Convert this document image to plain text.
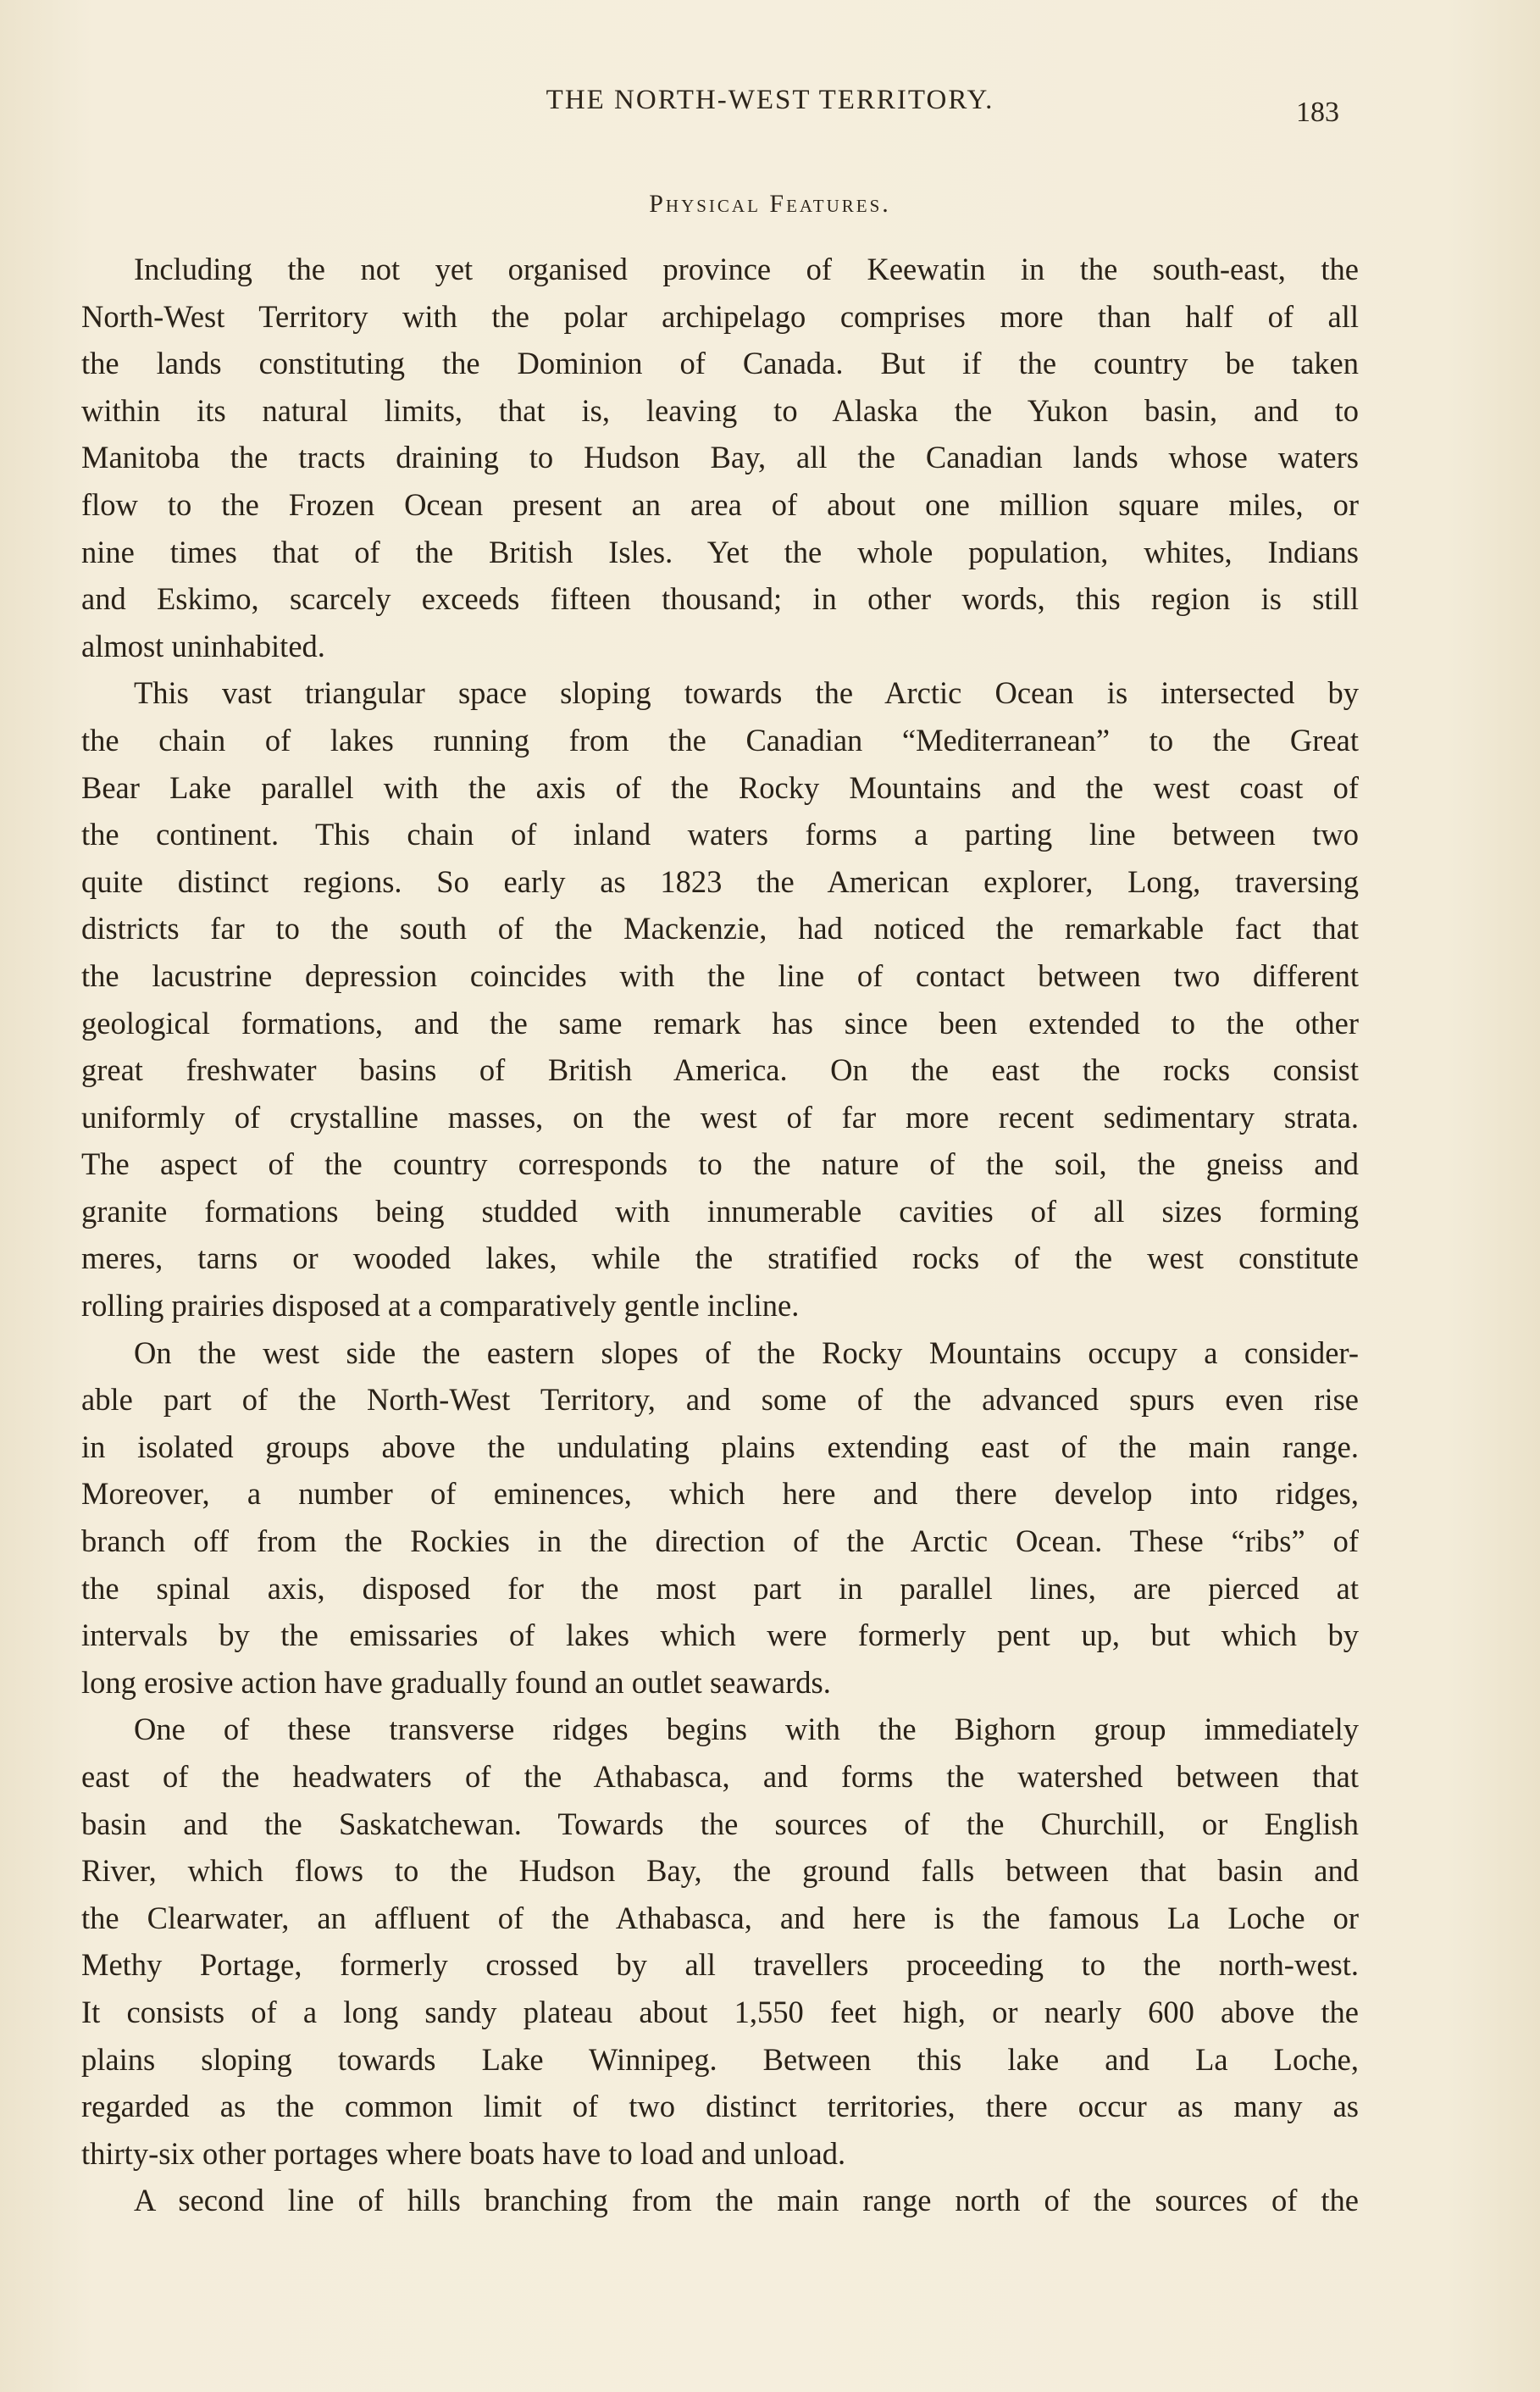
THE NORTH-WEST TERRITORY.	183
Physical Features.
Including the not yet organised province of Keewatin in the south-east, the
North-West Territory with the polar archipelago comprises more than half of all
the lands constituting the Dominion of Canada. But if the country be taken
within its natural limits, that is, leaving to Alaska the Yukon basin, and to
Manitoba the tracts draining to Hudson Bay, all the Canadian lands whose waters
flow to the Frozen Ocean present an area of about one million square miles, or
nine times that of the British Isles. Yet the whole population, whites, Indians
and Eskimo, scarcely exceeds fifteen thousand; in other words, this region is still
almost uninhabited.
This vast triangular space sloping towards the Arctic Ocean is intersected by
the chain of lakes running from the Canadian “Mediterranean” to the Great
Bear Lake parallel with the axis of the Rocky Mountains and the west coast of
the continent. This chain of inland waters forms a parting line between two
quite distinct regions. So early as 1823 the American explorer, Long, traversing
districts far to the south of the Mackenzie, had noticed the remarkable fact that
the lacustrine depression coincides with the line of contact between two different
geological formations, and the same remark has since been extended to the other
great freshwater basins of British America. On the east the rocks consist
uniformly of crystalline masses, on the west of far more recent sedimentary strata.
The aspect of the country corresponds to the nature of the soil, the gneiss and
granite formations being studded with innumerable cavities of all sizes forming
meres, tarns or wooded lakes, while the stratified rocks of the west constitute
rolling prairies disposed at a comparatively gentle incline.
On the west side the eastern slopes of the Rocky Mountains occupy a consider-
able part of the North-West Territory, and some of the advanced spurs even rise
in isolated groups above the undulating plains extending east of the main range.
Moreover, a number of eminences, which here and there develop into ridges,
branch off from the Rockies in the direction of the Arctic Ocean. These “ribs” of
the spinal axis, disposed for the most part in parallel lines, are pierced at
intervals by the emissaries of lakes which were formerly pent up, but which by
long erosive action have gradually found an outlet seawards.
One of these transverse ridges begins with the Bighorn group immediately
east of the headwaters of the Athabasca, and forms the watershed between that
basin and the Saskatchewan. Towards the sources of the Churchill, or English
River, which flows to the Hudson Bay, the ground falls between that basin and
the Clearwater, an affluent of the Athabasca, and here is the famous La Loche or
Methy Portage, formerly crossed by all travellers proceeding to the north-west.
It consists of a long sandy plateau about 1,550 feet high, or nearly 600 above the
plains sloping towards Lake Winnipeg. Between this lake and La Loche,
regarded as the common limit of two distinct territories, there occur as many as
thirty-six other portages where boats have to load and unload.
A second line of hills branching from the main range north of the sources of the
